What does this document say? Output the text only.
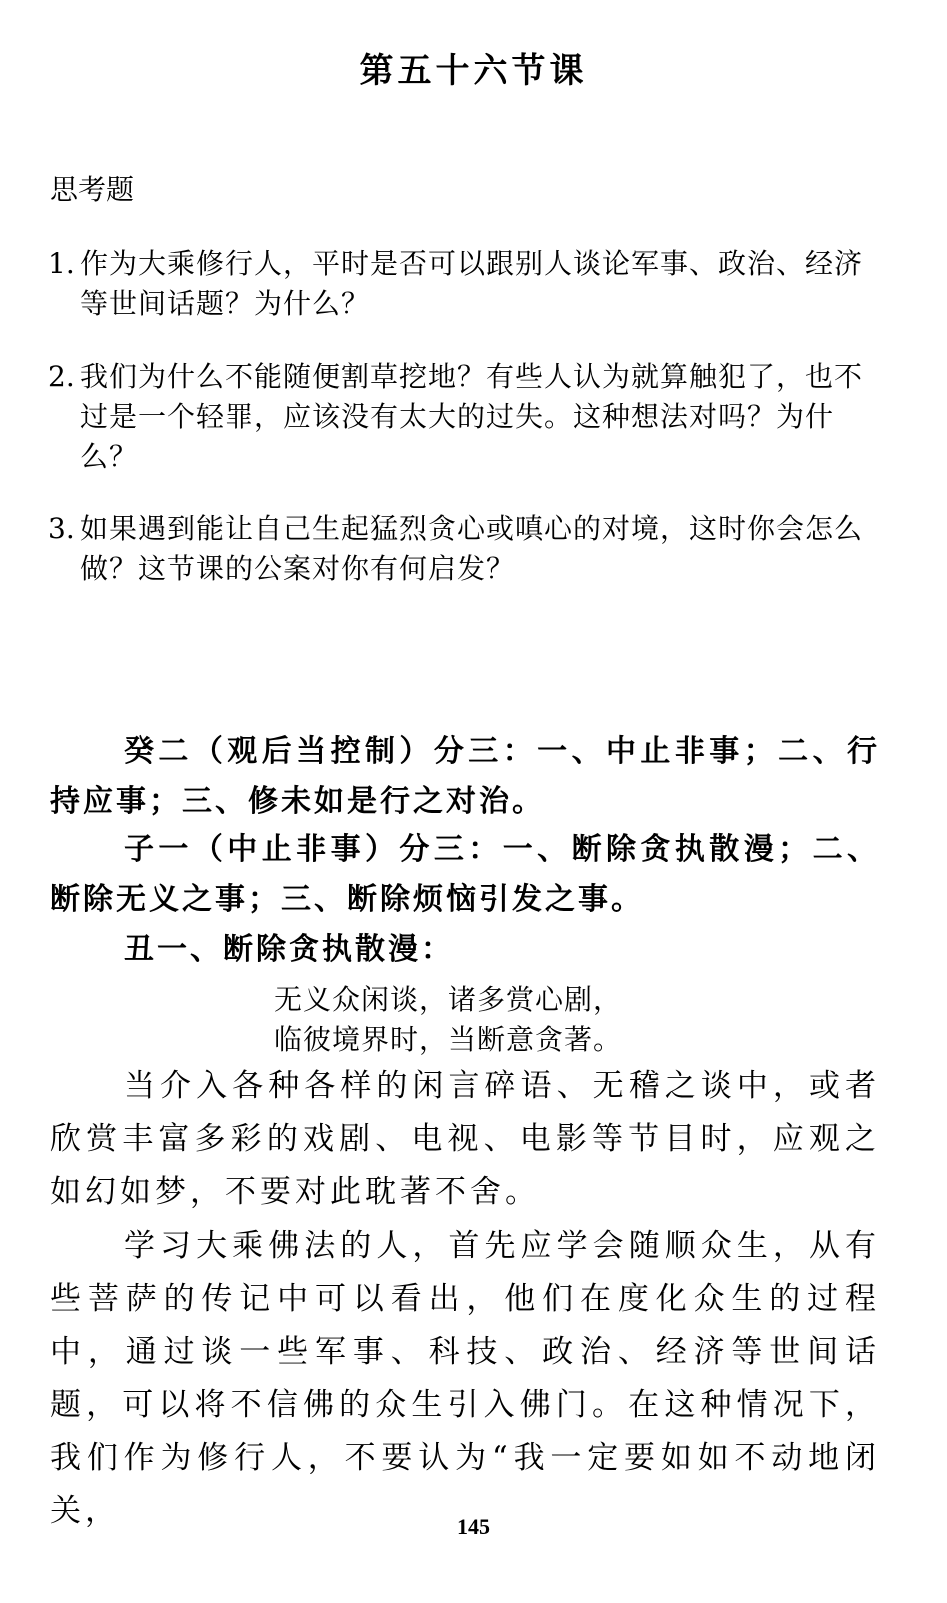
第五十六节课
思考题
1. 作为大乘修行人，平时是否可以跟别人谈论军事、政治、经济等世间话题？为什么？
2. 我们为什么不能随便割草挖地？有些人认为就算触犯了，也不过是一个轻罪，应该没有太大的过失。这种想法对吗？为什么？
3. 如果遇到能让自己生起猛烈贪心或嗔心的对境，这时你会怎么做？这节课的公案对你有何启发？
癸二（观后当控制）分三：一、中止非事；二、行持应事；三、修未如是行之对治。
子一（中止非事）分三：一、断除贪执散漫；二、断除无义之事；三、断除烦恼引发之事。
丑一、断除贪执散漫：
无义众闲谈，诸多赏心剧，
临彼境界时，当断意贪著。
当介入各种各样的闲言碎语、无稽之谈中，或者欣赏丰富多彩的戏剧、电视、电影等节目时，应观之如幻如梦，不要对此耽著不舍。
学习大乘佛法的人，首先应学会随顺众生，从有些菩萨的传记中可以看出，他们在度化众生的过程中，通过谈一些军事、科技、政治、经济等世间话题，可以将不信佛的众生引入佛门。在这种情况下，我们作为修行人，不要认为“我一定要如如不动地闭关，	145
